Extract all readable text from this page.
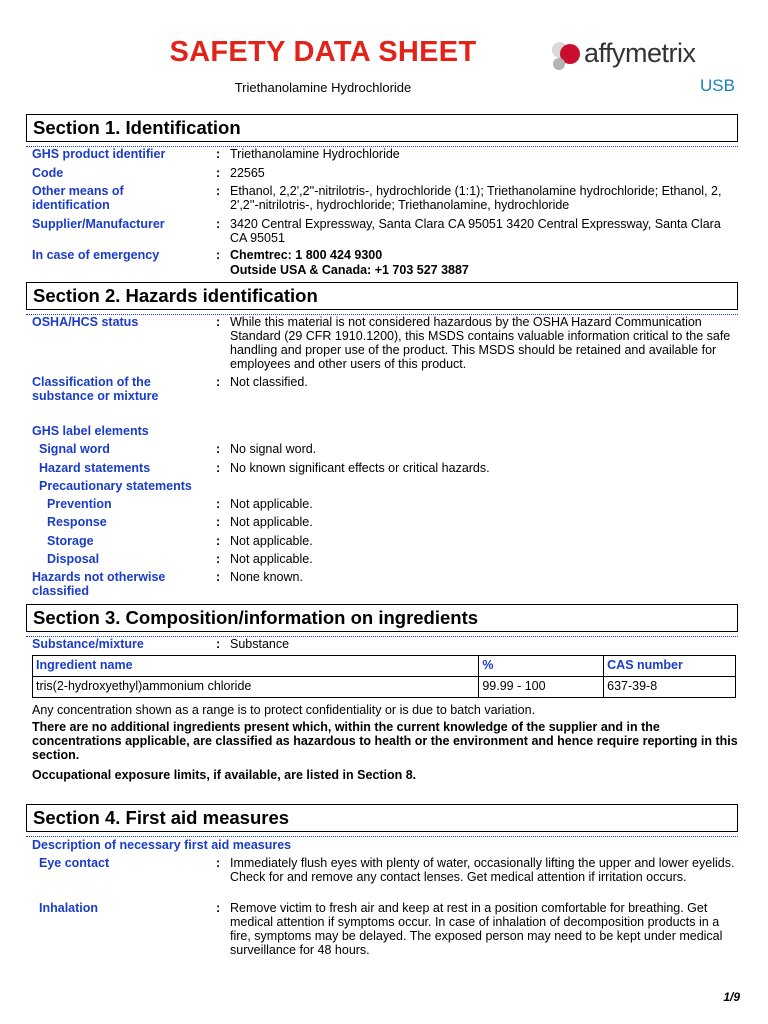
SAFETY DATA SHEET
Triethanolamine Hydrochloride
affymetrix
USB
Section 1. Identification
GHS product identifier	: Triethanolamine Hydrochloride
Code	: 22565
Other means of identification
: Ethanol, 2,2',2''-nitrilotris-, hydrochloride (1:1); Triethanolamine hydrochloride; Ethanol, 2, 2',2''-nitrilotris-, hydrochloride; Triethanolamine, hydrochloride
Supplier/Manufacturer	: 3420 Central Expressway, Santa Clara CA 95051 3420 Central Expressway, Santa Clara CA 95051
In case of emergency	: Chemtrec: 1 800 424 9300
Outside USA & Canada: +1 703 527 3887
Section 2. Hazards identification
OSHA/HCS status	: While this material is not considered hazardous by the OSHA Hazard Communication Standard (29 CFR 1910.1200), this MSDS contains valuable information critical to the safe handling and proper use of the product. This MSDS should be retained and available for employees and other users of this product.
Classification of the substance or mixture
: Not classified.
GHS label elements
Signal word	: No signal word.
Hazard statements	: No known significant effects or critical hazards.
Precautionary statements
Prevention	: Not applicable.
Response	: Not applicable.
Storage	: Not applicable.
Disposal	: Not applicable.
Hazards not otherwise classified
: None known.
Section 3. Composition/information on ingredients
Substance/mixture	: Substance
Ingredient name	%	CAS number
tris(2-hydroxyethyl)ammonium chloride	99.99 - 100	637-39-8
Any concentration shown as a range is to protect confidentiality or is due to batch variation.
There are no additional ingredients present which, within the current knowledge of the supplier and in the concentrations applicable, are classified as hazardous to health or the environment and hence require reporting in this section.
Occupational exposure limits, if available, are listed in Section 8.
Section 4. First aid measures
Description of necessary first aid measures
Eye contact	: Immediately flush eyes with plenty of water, occasionally lifting the upper and lower eyelids. Check for and remove any contact lenses. Get medical attention if irritation occurs.
Inhalation	: Remove victim to fresh air and keep at rest in a position comfortable for breathing. Get medical attention if symptoms occur. In case of inhalation of decomposition products in a fire, symptoms may be delayed. The exposed person may need to be kept under medical surveillance for 48 hours.
1/9
